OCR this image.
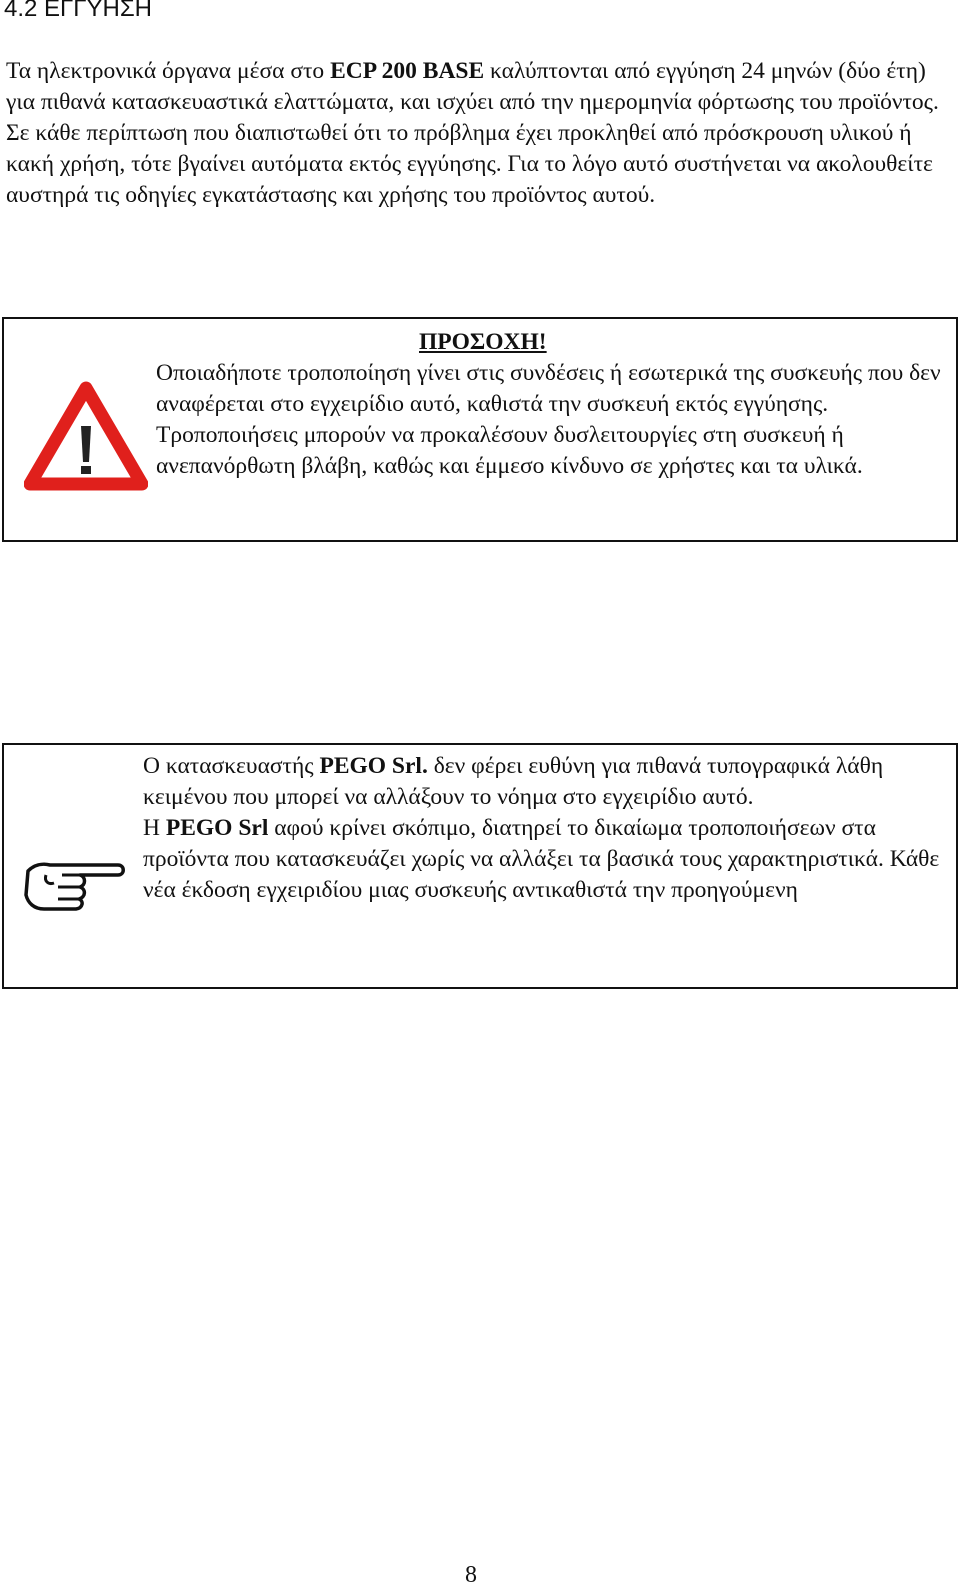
4.2 ΕΓΓΥΗΣΗ

Τα ηλεκτρονικά όργανα μέσα στο ECP 200 BASE καλύπτονται από εγγύηση 24 μηνών (δύο έτη) για πιθανά κατασκευαστικά ελαττώματα, και ισχύει από την ημερομηνία φόρτωσης του προϊόντος. Σε κάθε περίπτωση που διαπιστωθεί ότι το πρόβλημα έχει προκληθεί από πρόσκρουση υλικού ή κακή χρήση, τότε βγαίνει αυτόματα εκτός εγγύησης. Για το λόγο αυτό συστήνεται να ακολουθείτε αυστηρά τις οδηγίες εγκατάστασης και χρήσης του προϊόντος αυτού.

ΠΡΟΣΟΧΗ!

Οποιαδήποτε τροποποίηση γίνει στις συνδέσεις ή εσωτερικά της συσκευής που δεν αναφέρεται στο εγχειρίδιο αυτό, καθιστά την συσκευή εκτός εγγύησης. Τροποποιήσεις μπορούν να προκαλέσουν δυσλειτουργίες στη συσκευή ή ανεπανόρθωτη βλάβη, καθώς και έμμεσο κίνδυνο σε χρήστες και τα υλικά.

Ο κατασκευαστής PEGO Srl. δεν φέρει ευθύνη για πιθανά τυπογραφικά λάθη κειμένου που μπορεί να αλλάξουν το νόημα στο εγχειρίδιο αυτό.
Η PEGO Srl αφού κρίνει σκόπιμο, διατηρεί το δικαίωμα τροποποιήσεων στα προϊόντα που κατασκευάζει χωρίς να αλλάξει τα βασικά τους χαρακτηριστικά. Κάθε νέα έκδοση εγχειριδίου μιας συσκευής αντικαθιστά την προηγούμενη

8
